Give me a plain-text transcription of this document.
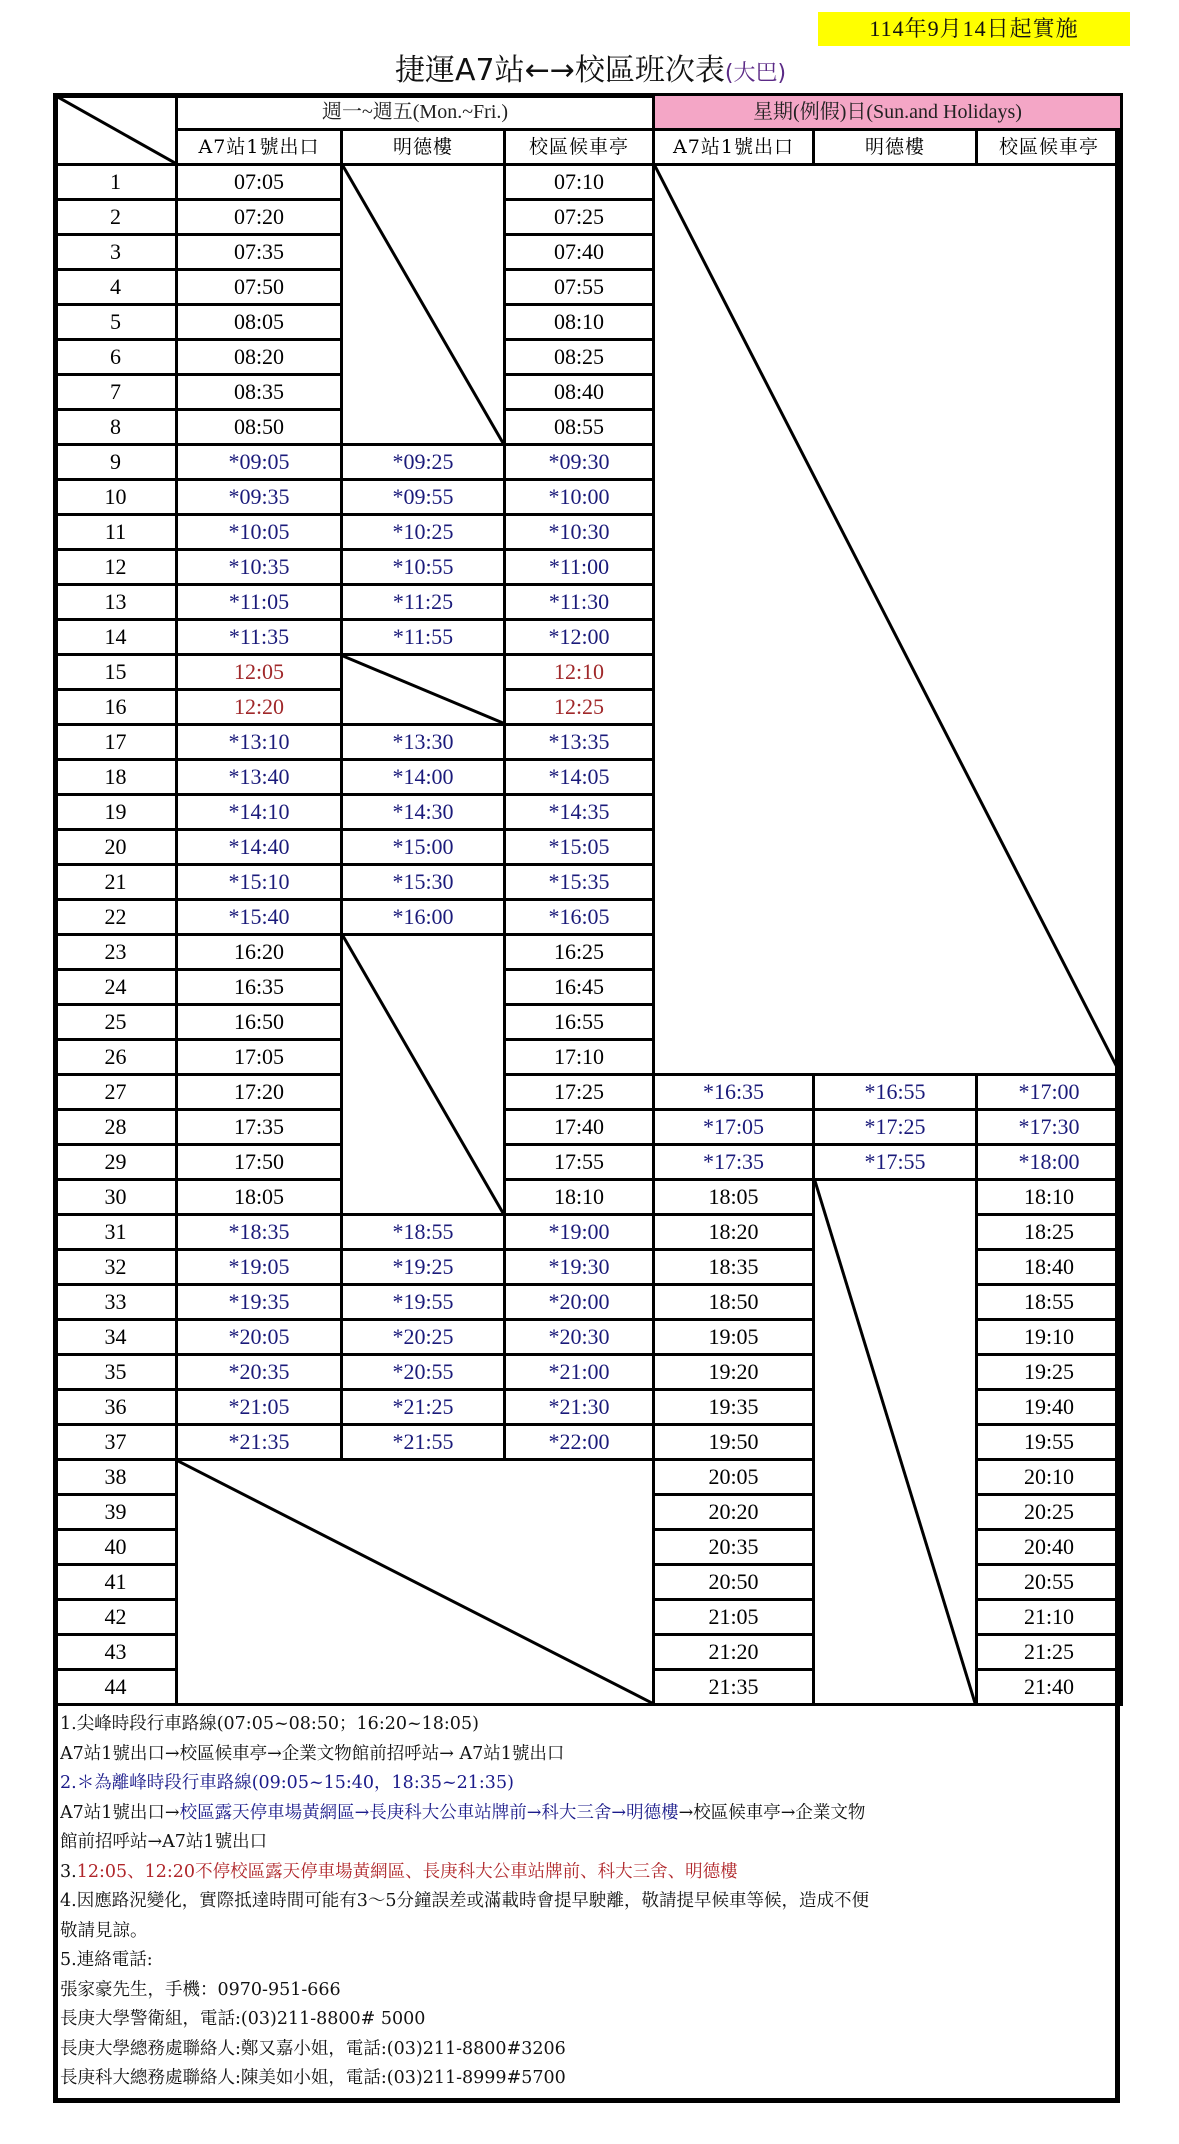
114年9月14日起實施
捷運A7站←→校區班次表(大巴)
	週一~週五(Mon.~Fri.)			星期(例假)日(Sun.and Holidays)		
	A7站1號出口	明德樓	校區候車亭	A7站1號出口	明德樓	校區候車亭
1	07:05		07:10	

2	07:20		07:25			
3	07:35		07:40			
4	07:50		07:55			
5	08:05		08:10			
6	08:20		08:25			
7	08:35		08:40			
8	08:50		08:55			
9	*09:05	*09:25	*09:30			
10	*09:35	*09:55	*10:00			
11	*10:05	*10:25	*10:30			
12	*10:35	*10:55	*11:00			
13	*11:05	*11:25	*11:30			
14	*11:35	*11:55	*12:00			
15	12:05		12:10			
16	12:20		12:25			
17	*13:10	*13:30	*13:35			
18	*13:40	*14:00	*14:05			
19	*14:10	*14:30	*14:35			
20	*14:40	*15:00	*15:05			
21	*15:10	*15:30	*15:35			
22	*15:40	*16:00	*16:05			
23	16:20		16:25			
24	16:35		16:45			
25	16:50		16:55			
26	17:05		17:10			
27	17:20		17:25	*16:35	*16:55	*17:00
28	17:35		17:40	*17:05	*17:25	*17:30
29	17:50		17:55	*17:35	*17:55	*18:00
30	18:05		18:10	18:05		18:10
31	*18:35	*18:55	*19:00	18:20		18:25
32	*19:05	*19:25	*19:30	18:35		18:40
33	*19:35	*19:55	*20:00	18:50		18:55
34	*20:05	*20:25	*20:30	19:05		19:10
35	*20:35	*20:55	*21:00	19:20		19:25
36	*21:05	*21:25	*21:30	19:35		19:40
37	*21:35	*21:55	*22:00	19:50		19:55
38				20:05		20:10
39				20:20		20:25
40				20:35		20:40
41				20:50		20:55
42				21:05		21:10
43				21:20		21:25
44				21:35		21:40
1.尖峰時段行車路線(07:05~08:50；16:20~18:05)
A7站1號出口→校區候車亭→企業文物館前招呼站→ A7站1號出口
2.＊為離峰時段行車路線(09:05~15:40，18:35~21:35)
A7站1號出口→校區露天停車場黃網區→長庚科大公車站牌前→科大三舍→明德樓→校區候車亭→企業文物
館前招呼站→A7站1號出口
3.12:05、12:20不停校區露天停車場黃網區、長庚科大公車站牌前、科大三舍、明德樓
4.因應路況變化，實際抵達時間可能有3～5分鐘誤差或滿載時會提早駛離，敬請提早候車等候，造成不便
敬請見諒。
5.連絡電話:
張家豪先生，手機：0970-951-666
長庚大學警衛組，電話:(03)211-8800# 5000
長庚大學總務處聯絡人:鄭又嘉小姐，電話:(03)211-8800#3206
長庚科大總務處聯絡人:陳美如小姐，電話:(03)211-8999#5700
